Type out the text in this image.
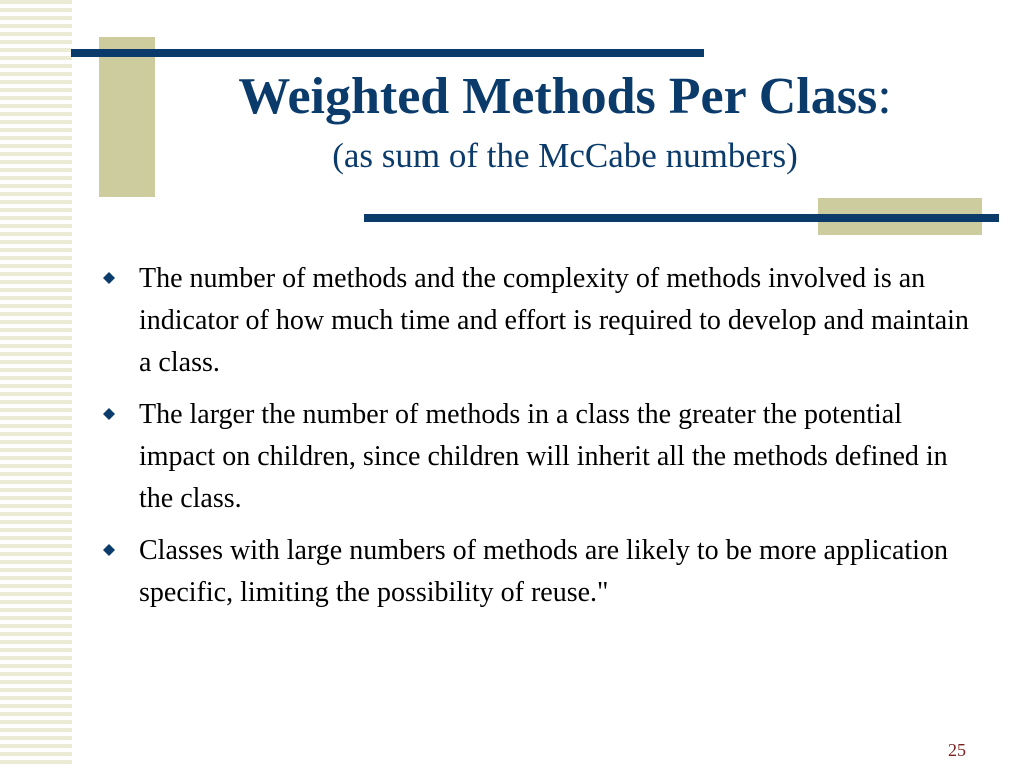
Weighted Methods Per Class:

(as sum of the McCabe numbers)

The number of methods and the complexity of methods involved is an indicator of how much time and effort is required to develop and maintain a class.
The larger the number of methods in a class the greater the potential impact on children, since children will inherit all the methods defined in the class.
Classes with large numbers of methods are likely to be more application specific, limiting the possibility of reuse."
25
